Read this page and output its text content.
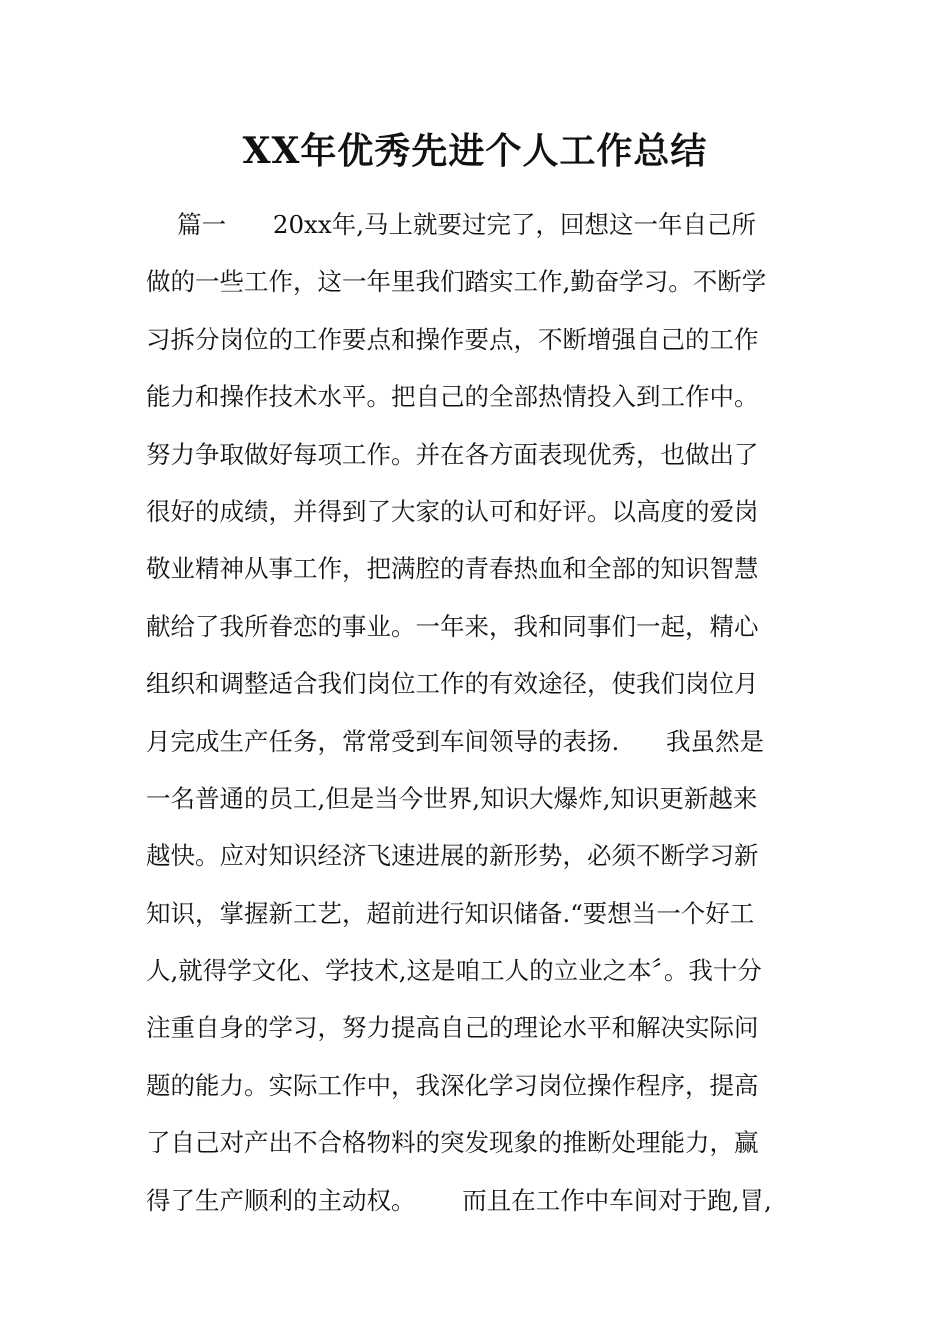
XX年优秀先进个人工作总结
篇一      20xx年,马上就要过完了，回想这一年自己所
做的一些工作，这一年里我们踏实工作,勤奋学习。不断学
习拆分岗位的工作要点和操作要点，不断增强自己的工作
能力和操作技术水平。把自己的全部热情投入到工作中。
努力争取做好每项工作。并在各方面表现优秀，也做出了
很好的成绩，并得到了大家的认可和好评。以高度的爱岗
敬业精神从事工作，把满腔的青春热血和全部的知识智慧
献给了我所眷恋的事业。一年来，我和同事们一起，精心
组织和调整适合我们岗位工作的有效途径，使我们岗位月
月完成生产任务，常常受到车间领导的表扬.      我虽然是
一名普通的员工,但是当今世界,知识大爆炸,知识更新越来
越快。应对知识经济飞速进展的新形势，必须不断学习新
知识，掌握新工艺，超前进行知识储备.“要想当一个好工
人,就得学文化、学技术,这是咱工人的立业之本〞。我十分
注重自身的学习，努力提高自己的理论水平和解决实际问
题的能力。实际工作中，我深化学习岗位操作程序，提高
了自己对产出不合格物料的突发现象的推断处理能力，赢
得了生产顺利的主动权。      而且在工作中车间对于跑,冒,
